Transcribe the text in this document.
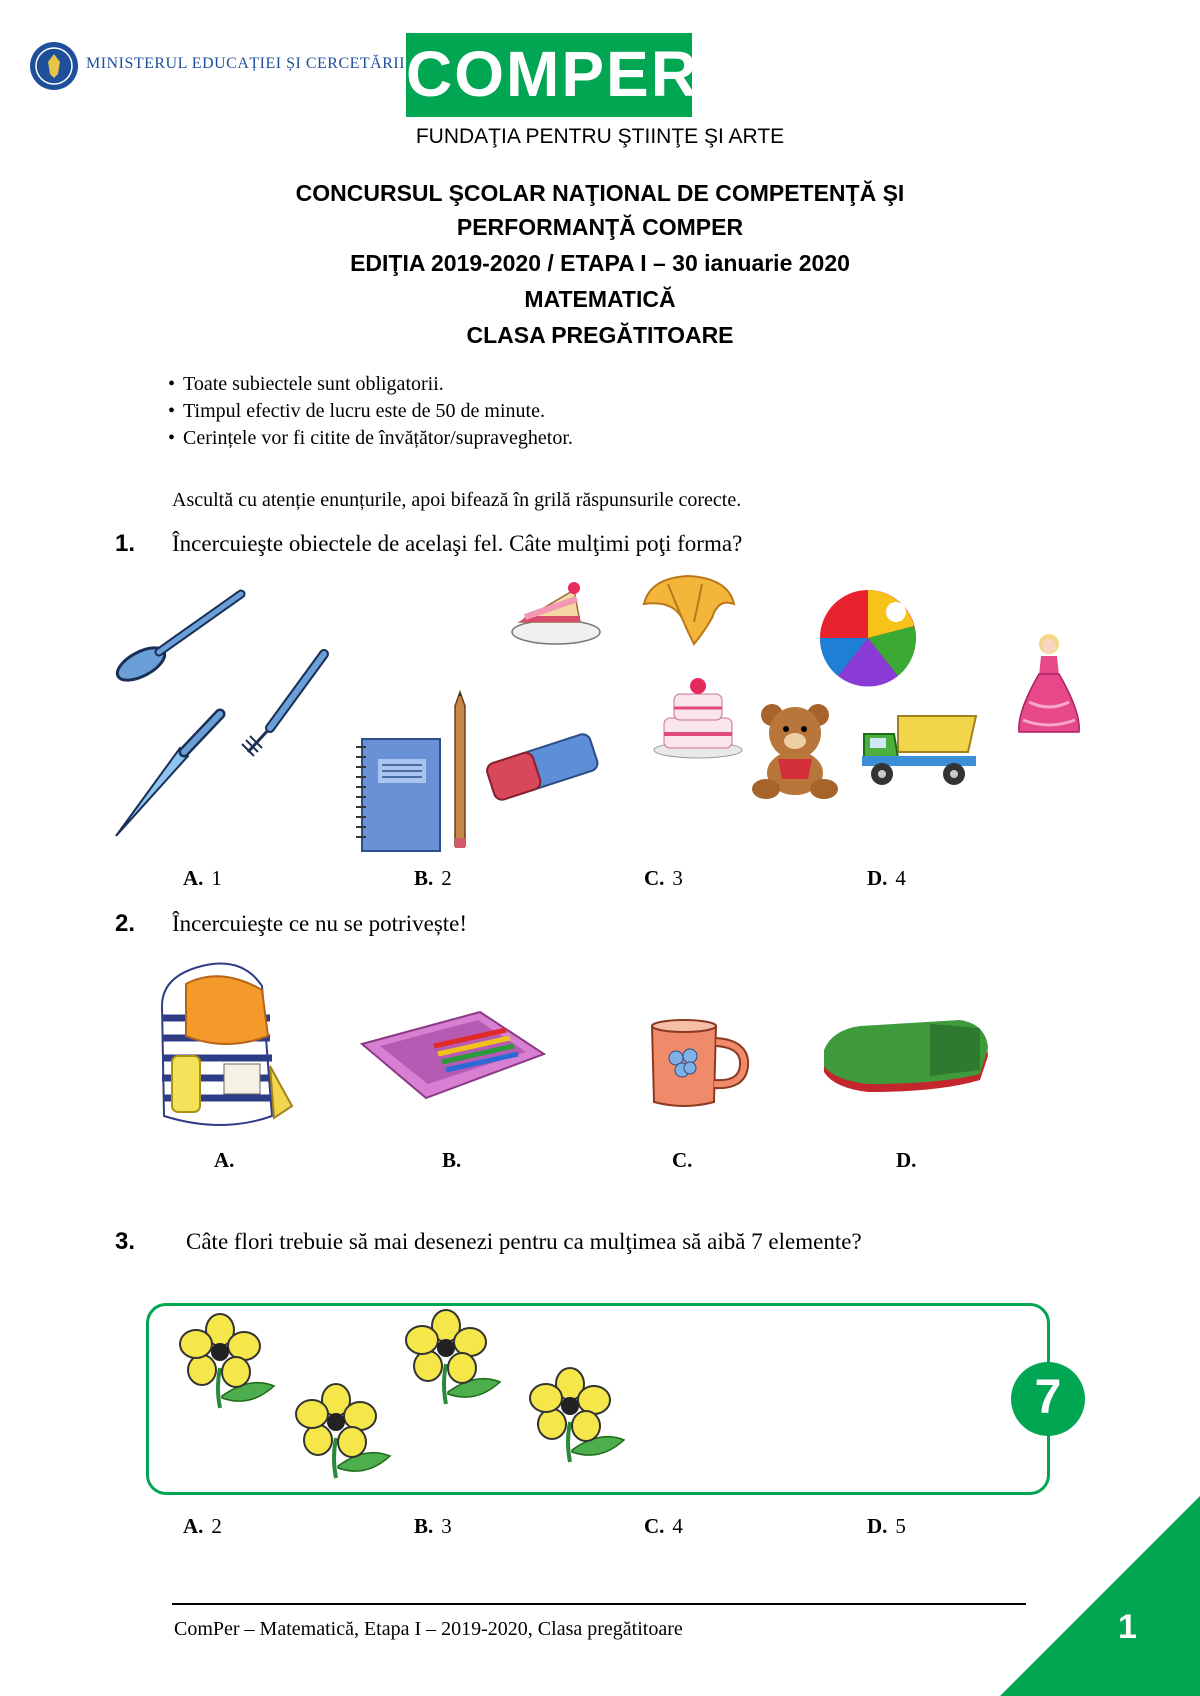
MINISTERUL EDUCAȚIEI ȘI CERCETĂRII COMPER
FUNDAŢIA PENTRU ŞTIINŢE ŞI ARTE
CONCURSUL ŞCOLAR NAŢIONAL DE COMPETENŢĂ ŞI
PERFORMANŢĂ COMPER
EDIŢIA 2019-2020 / ETAPA I – 30 ianuarie 2020
MATEMATICĂ
CLASA PREGĂTITOARE
• Toate subiectele sunt obligatorii.
• Timpul efectiv de lucru este de 50 de minute.
• Cerințele vor fi citite de învățător/supraveghetor.
Ascultă cu atenție enunțurile, apoi bifează în grilă răspunsurile corecte.
1. Încercuieşte obiectele de acelaşi fel. Câte mulţimi poţi forma?
A. 1	B. 2	C. 3	D. 4
2. Încercuieşte ce nu se potrivește!
A.	B.	C.	D.
3. Câte flori trebuie să mai desenezi pentru ca mulţimea să aibă 7 elemente?
7
A. 2	B. 3	C. 4	D. 5
ComPer – Matematică, Etapa I – 2019-2020, Clasa pregătitoare	1
